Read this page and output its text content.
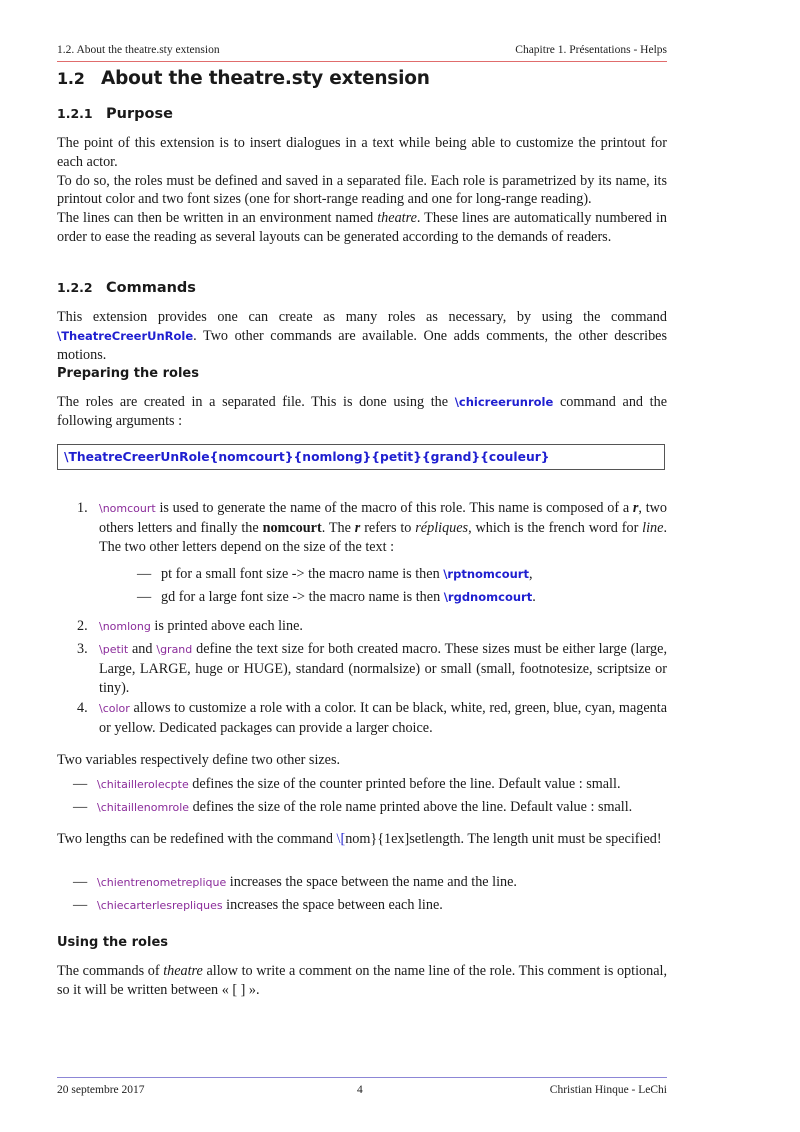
1.2. About the theatre.sty extension	Chapitre 1. Présentations - Helps
1.2 About the theatre.sty extension
1.2.1 Purpose
The point of this extension is to insert dialogues in a text while being able to customize the printout for each actor.
To do so, the roles must be defined and saved in a separated file. Each role is parametrized by its name, its printout color and two font sizes (one for short-range reading and one for long-range reading).
The lines can then be written in an environment named theatre. These lines are automatically numbered in order to ease the reading as several layouts can be generated according to the demands of readers.
1.2.2 Commands
This extension provides one can create as many roles as necessary, by using the command \TheatreCreerUnRole. Two other commands are available. One adds comments, the other describes motions.
Preparing the roles
The roles are created in a separated file. This is done using the \chicreerunrole command and the following arguments :
\TheatreCreerUnRole{nomcourt}{nomlong}{petit}{grand}{couleur}
1. \nomcourt is used to generate the name of the macro of this role. This name is composed of a r, two others letters and finally the nomcourt. The r refers to répliques, which is the french word for line. The two other letters depend on the size of the text :
— pt for a small font size -> the macro name is then \rptnomcourt,
— gd for a large font size -> the macro name is then \rgdnomcourt.
2. \nomlong is printed above each line.
3. \petit and \grand define the text size for both created macro. These sizes must be either large (large, Large, LARGE, huge or HUGE), standard (normalsize) or small (small, footnotesize, scriptsize or tiny).
4. \color allows to customize a role with a color. It can be black, white, red, green, blue, cyan, magenta or yellow. Dedicated packages can provide a larger choice.
Two variables respectively define two other sizes.
— \chitaillerolecpte defines the size of the counter printed before the line. Default value : small.
— \chitaillenomrole defines the size of the role name printed above the line. Default value : small.
Two lengths can be redefined with the command \[nom}{1ex]setlength. The length unit must be specified!
— \chientrenometreplique increases the space between the name and the line.
— \chiecarterlesrepliques increases the space between each line.
Using the roles
The commands of theatre allow to write a comment on the name line of the role. This comment is optional, so it will be written between « [ ] ».
20 septembre 2017	4	Christian Hinque - LeChi
